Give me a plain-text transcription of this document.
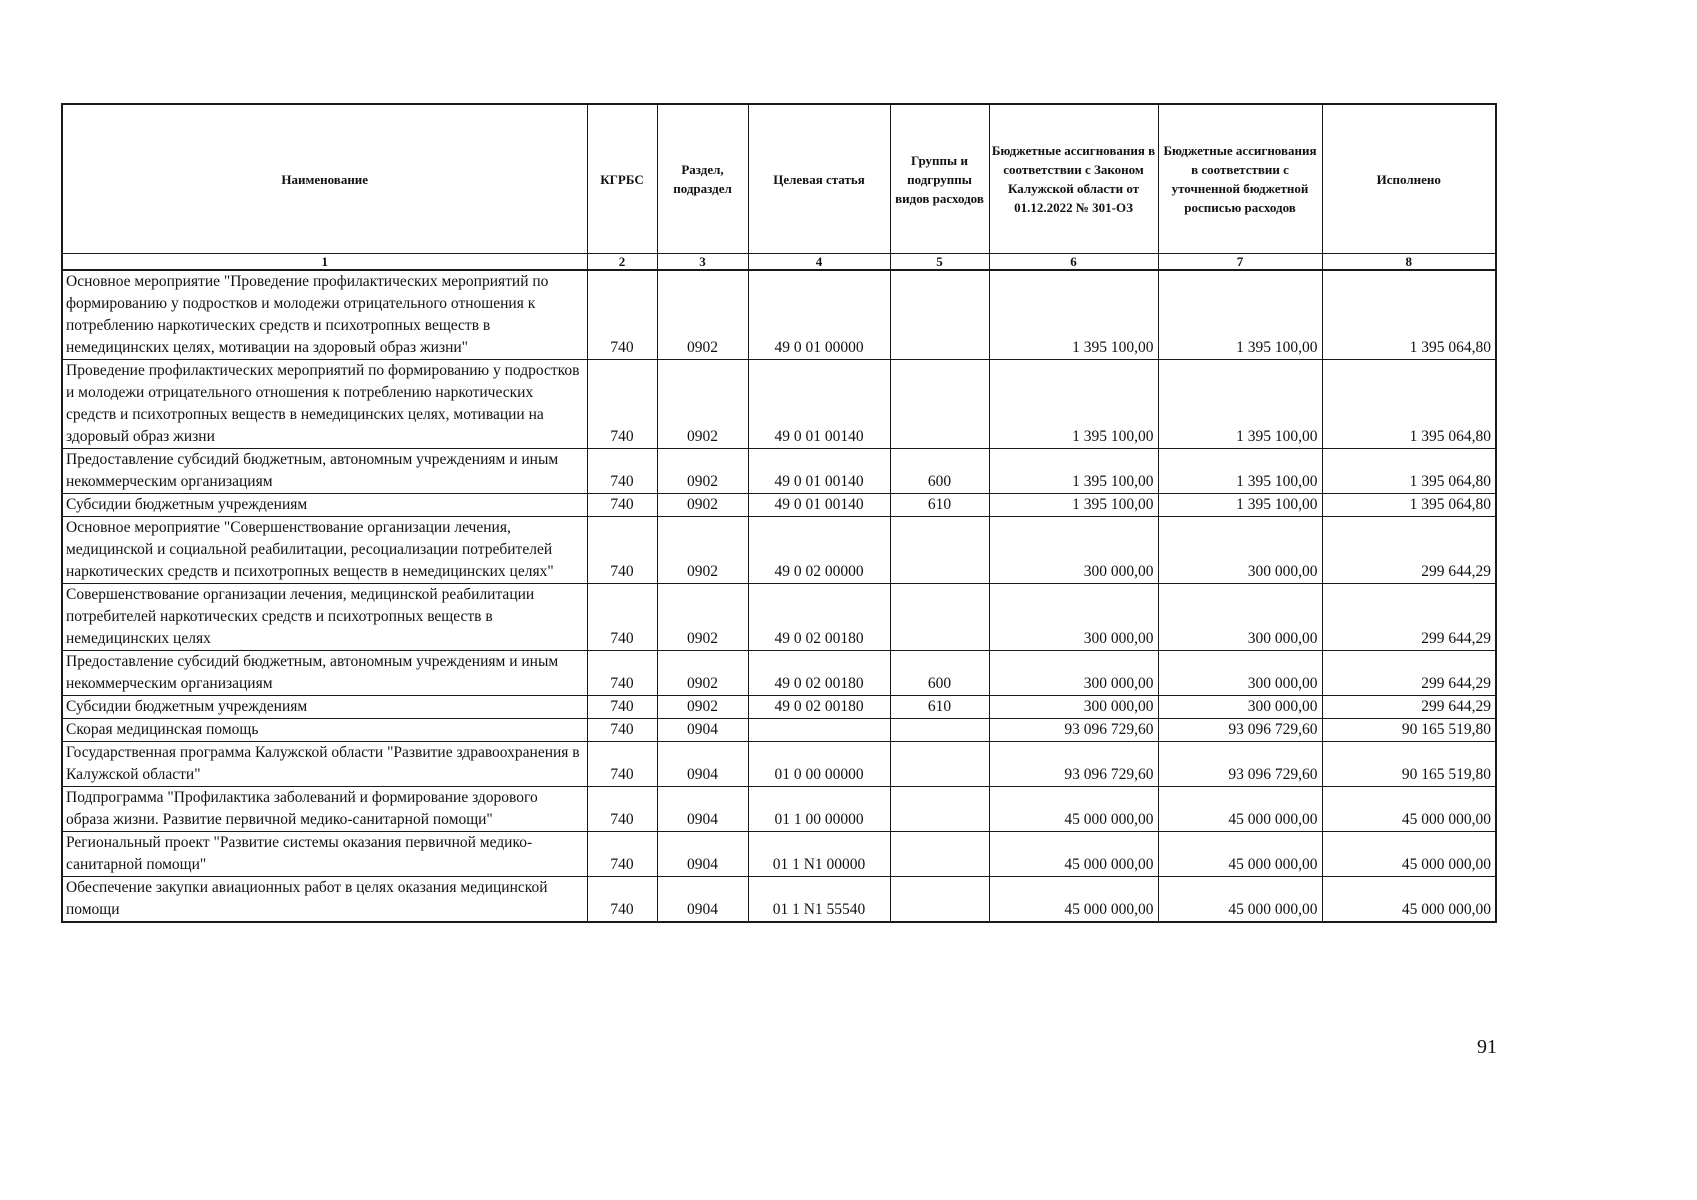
Наименование	КГРБС	Раздел, подраздел	Целевая статья	Группы и подгруппы видов расходов	Бюджетные ассигнования в соответствии с Законом Калужской области от 01.12.2022 № 301-ОЗ	Бюджетные ассигнования в соответствии с уточненной бюджетной росписью расходов	Исполнено
1	2	3	4	5	6	7	8
Основное мероприятие "Проведение профилактических мероприятий по формированию у подростков и молодежи отрицательного отношения к потреблению наркотических средств и психотропных веществ в немедицинских целях, мотивации на здоровый образ жизни"	740	0902	49 0 01 00000		1 395 100,00	1 395 100,00	1 395 064,80
Проведение профилактических мероприятий по формированию у подростков и молодежи отрицательного отношения к потреблению наркотических средств и психотропных веществ в немедицинских целях, мотивации на здоровый образ жизни	740	0902	49 0 01 00140		1 395 100,00	1 395 100,00	1 395 064,80
Предоставление субсидий бюджетным, автономным учреждениям и иным некоммерческим организациям	740	0902	49 0 01 00140	600	1 395 100,00	1 395 100,00	1 395 064,80
Субсидии бюджетным учреждениям	740	0902	49 0 01 00140	610	1 395 100,00	1 395 100,00	1 395 064,80
Основное мероприятие "Совершенствование организации лечения, медицинской и социальной реабилитации, ресоциализации потребителей наркотических средств и психотропных веществ в немедицинских целях"	740	0902	49 0 02 00000		300 000,00	300 000,00	299 644,29
Совершенствование организации лечения, медицинской реабилитации потребителей наркотических средств и психотропных веществ в немедицинских целях	740	0902	49 0 02 00180		300 000,00	300 000,00	299 644,29
Предоставление субсидий бюджетным, автономным учреждениям и иным некоммерческим организациям	740	0902	49 0 02 00180	600	300 000,00	300 000,00	299 644,29
Субсидии бюджетным учреждениям	740	0902	49 0 02 00180	610	300 000,00	300 000,00	299 644,29
Скорая медицинская помощь	740	0904			93 096 729,60	93 096 729,60	90 165 519,80
Государственная программа Калужской области "Развитие здравоохранения в Калужской области"	740	0904	01 0 00 00000		93 096 729,60	93 096 729,60	90 165 519,80
Подпрограмма "Профилактика заболеваний и формирование здорового образа жизни. Развитие первичной медико-санитарной помощи"	740	0904	01 1 00 00000		45 000 000,00	45 000 000,00	45 000 000,00
Региональный проект "Развитие системы оказания первичной медико-санитарной помощи"	740	0904	01 1 N1 00000		45 000 000,00	45 000 000,00	45 000 000,00
Обеспечение закупки авиационных работ в целях оказания медицинской помощи	740	0904	01 1 N1 55540		45 000 000,00	45 000 000,00	45 000 000,00
91
